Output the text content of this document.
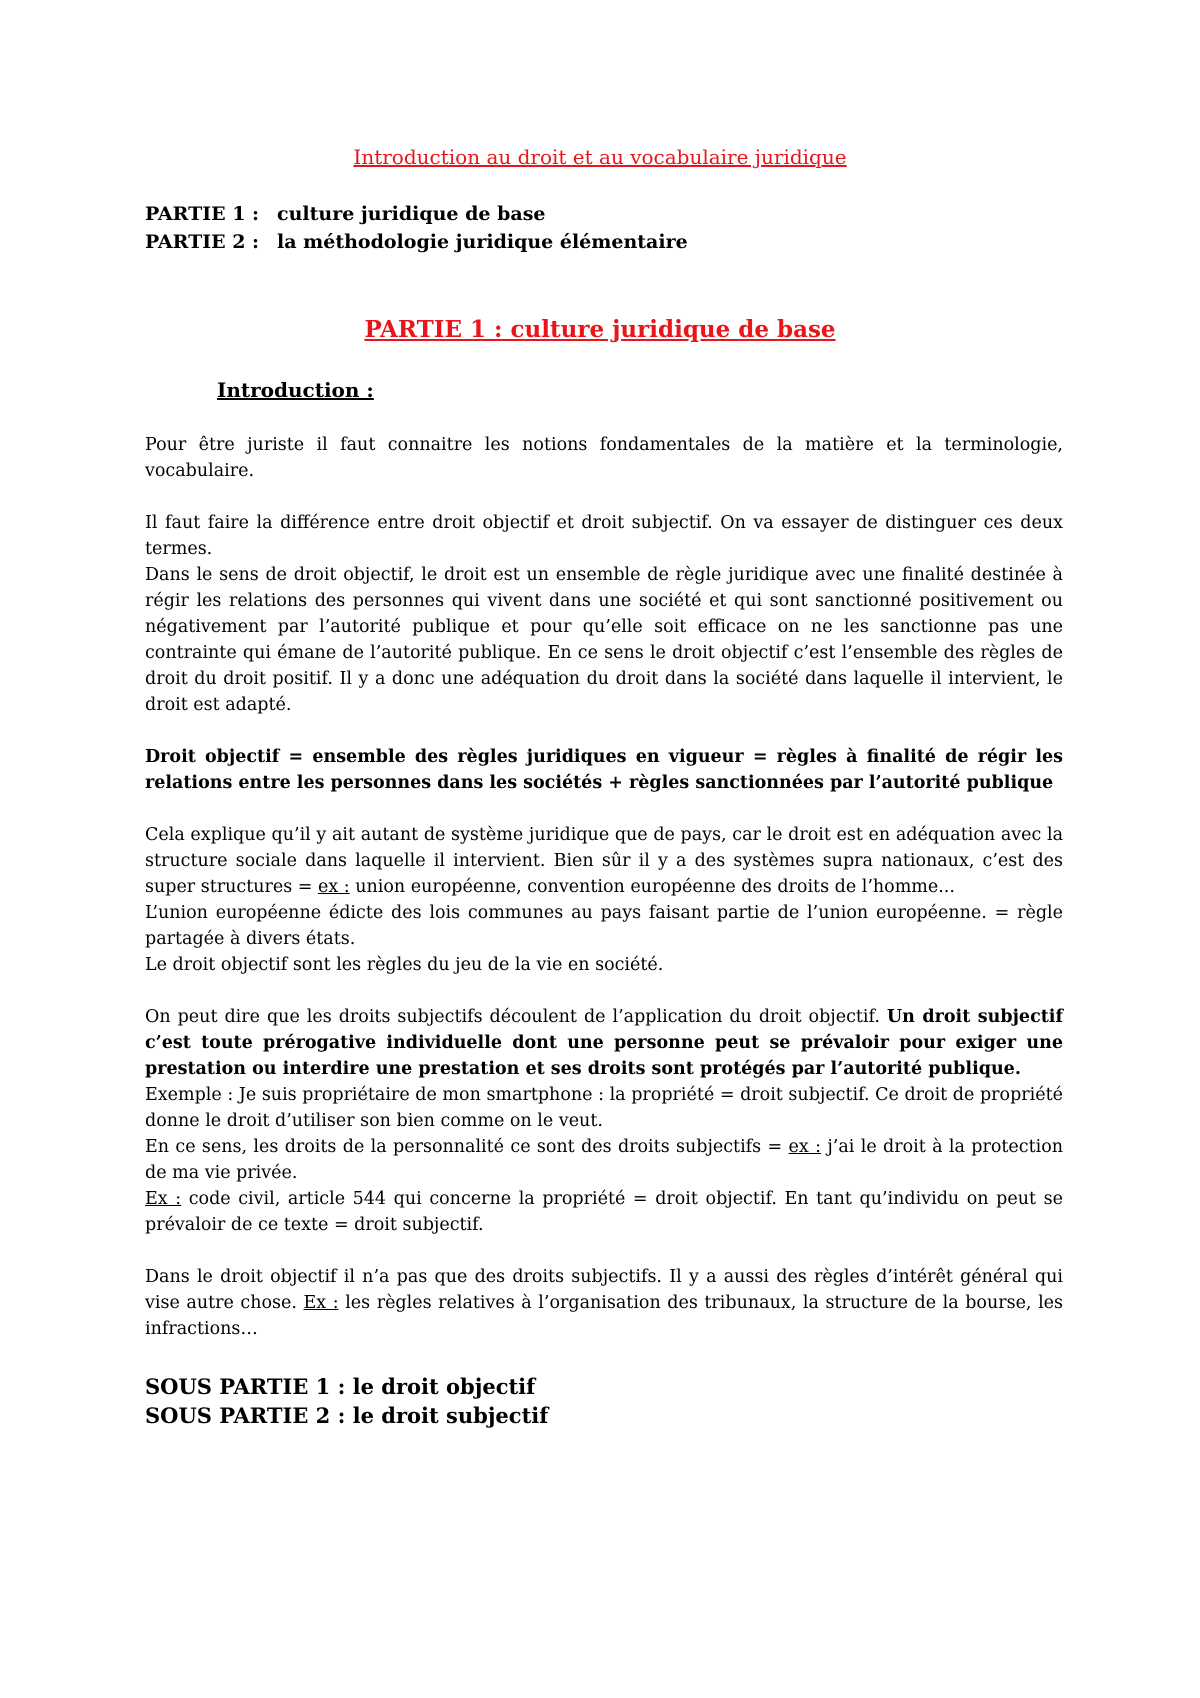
Introduction au droit et au vocabulaire juridique
PARTIE 1 : culture juridique de base
PARTIE 2 : la méthodologie juridique élémentaire
PARTIE 1 : culture juridique de base
Introduction :

Pour être juriste il faut connaitre les notions fondamentales de la matière et la terminologie, vocabulaire.

Il faut faire la différence entre droit objectif et droit subjectif. On va essayer de distinguer ces deux termes.

Dans le sens de droit objectif, le droit est un ensemble de règle juridique avec une finalité destinée à régir les relations des personnes qui vivent dans une société et qui sont sanctionné positivement ou négativement par l’autorité publique et pour qu’elle soit efficace on ne les sanctionne pas une contrainte qui émane de l’autorité publique. En ce sens le droit objectif c’est l’ensemble des règles de droit du droit positif. Il y a donc une adéquation du droit dans la société dans laquelle il intervient, le droit est adapté.

Droit objectif = ensemble des règles juridiques en vigueur = règles à finalité de régir les relations entre les personnes dans les sociétés + règles sanctionnées par l’autorité publique

Cela explique qu’il y ait autant de système juridique que de pays, car le droit est en adéquation avec la structure sociale dans laquelle il intervient. Bien sûr il y a des systèmes supra nationaux, c’est des super structures = ex : union européenne, convention européenne des droits de l’homme...

L’union européenne édicte des lois communes au pays faisant partie de l’union européenne. = règle partagée à divers états.

Le droit objectif sont les règles du jeu de la vie en société.

On peut dire que les droits subjectifs découlent de l’application du droit objectif. Un droit subjectif c’est toute prérogative individuelle dont une personne peut se prévaloir pour exiger une prestation ou interdire une prestation et ses droits sont protégés par l’autorité publique.

Exemple : Je suis propriétaire de mon smartphone : la propriété = droit subjectif. Ce droit de propriété donne le droit d’utiliser son bien comme on le veut.

En ce sens, les droits de la personnalité ce sont des droits subjectifs = ex : j’ai le droit à la protection de ma vie privée.

Ex : code civil, article 544 qui concerne la propriété = droit objectif. En tant qu’individu on peut se prévaloir de ce texte = droit subjectif.

Dans le droit objectif il n’a pas que des droits subjectifs. Il y a aussi des règles d’intérêt général qui vise autre chose. Ex : les règles relatives à l’organisation des tribunaux, la structure de la bourse, les infractions…

SOUS PARTIE 1 : le droit objectif
SOUS PARTIE 2 : le droit subjectif
